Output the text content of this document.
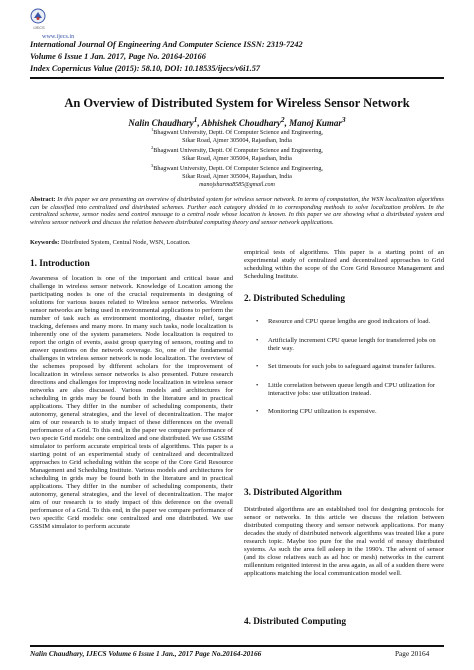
IJECS
www.ijecs.in
International Journal Of Engineering And Computer Science ISSN: 2319-7242
Volume 6 Issue 1 Jan. 2017, Page No. 20164-20166
Index Copernicus Value (2015): 58.10, DOI: 10.18535/ijecs/v6i1.57
An Overview of Distributed System for Wireless Sensor Network
Nalin Chaudhary$^1$, Abhishek Choudhary$^2$, Manoj Kumar$^3$
$^1$Bhagwant University, Deptt. Of Computer Science and Engineering,
Sikar Road, Ajmer 305004, Rajasthan, India
$^2$Bhagwant University, Deptt. Of Computer Science and Engineering,
Sikar Road, Ajmer 305004, Rajasthan, India
$^3$Bhagwant University, Deptt. Of Computer Science and Engineering,
Sikar Road, Ajmer 305004, Rajasthan, India
manojsharma8585@gmail.com
Abstract: In this paper we are presenting an overview of distributed system for wireless sensor network. In terms of computation, the WSN localization algorithms can be classified into centralized and distributed schemes. Further each category divided in to corresponding methods to solve localization problem. In the centralized scheme, sensor nodes send control message to a central node whose location is known. In this paper we are showing what a distributed system and wireless sensor network and discuss the relation between distributed computing theory and sensor network applications.
Keywords: Distributed System, Central Node, WSN, Location.
1. Introduction
Awareness of location is one of the important and critical issue and challenge in wireless sensor network. Knowledge of Location among the participating nodes is one of the crucial requirements in designing of solutions for various issues related to Wireless sensor networks. Wireless sensor networks are being used in environmental applications to perform the number of task such as environment monitoring, disaster relief, target tracking, defenses and many more. In many such tasks, node localization is inherently one of the system parameters. Node localization is required to report the origin of events, assist group querying of sensors, routing and to answer questions on the network coverage. So, one of the fundamental challenges in wireless sensor network is node localization. The overview of the schemes proposed by different scholars for the improvement of localization in wireless sensor networks is also presented. Future research directions and challenges for improving node localization in wireless sensor networks are also discussed. Various models and architectures for scheduling in grids may be found both in the literature and in practical applications. They differ in the number of scheduling components, their autonomy, general strategies, and the level of decentralization. The major aim of our research is to study impact of these differences on the overall performance of a Grid. To this end, in the paper we compare performance of two specie Grid models: one centralized and one distributed. We use GSSIM simulator to perform accurate empirical tests of algorithms. This paper is a starting point of an experimental study of centralized and decentralized approaches to Grid scheduling within the scope of the Core Grid Resource Management and Scheduling Institute. Various models and architectures for scheduling in grids may be found both in the literature and in practical applications. They differ in the number of scheduling components, their autonomy, general strategies, and the level of decentralization. The major aim of our research is to study impact of this deference on the overall performance of a Grid. To this end, in the paper we compare performance of two specific Grid models: one centralized and one distributed. We use GSSIM simulator to perform accurate
empirical tests of algorithms. This paper is a starting point of an experimental study of centralized and decentralized approaches to Grid scheduling within the scope of the Core Grid Resource Management and Scheduling Institute.
2. Distributed Scheduling
• Resource and CPU queue lengths are good indicators of load.
• Artificially increment CPU queue length for transferred jobs on their way.
• Set timeouts for such jobs to safeguard against transfer failures.
• Little correlation between queue length and CPU utilization for interactive jobs: use utilization instead.
• Monitoring CPU utilization is expensive.
3. Distributed Algorithm
Distributed algorithms are an established tool for designing protocols for sensor or networks. In this article we discuss the relation between distributed computing theory and sensor network applications. For many decades the study of distributed network algorithms was treated like a pure research topic. Maybe too pure for the real world of messy distributed systems. As such the area fell asleep in the 1990's. The advent of sensor (and its close relatives such as ad hoc or mesh) networks in the current millennium reignited interest in the area again, as all of a sudden there were applications matching the local communication model well.
4. Distributed Computing
Nalin Chaudhary, IJECS Volume 6 Issue 1 Jan., 2017 Page No.20164-20166	Page 20164
